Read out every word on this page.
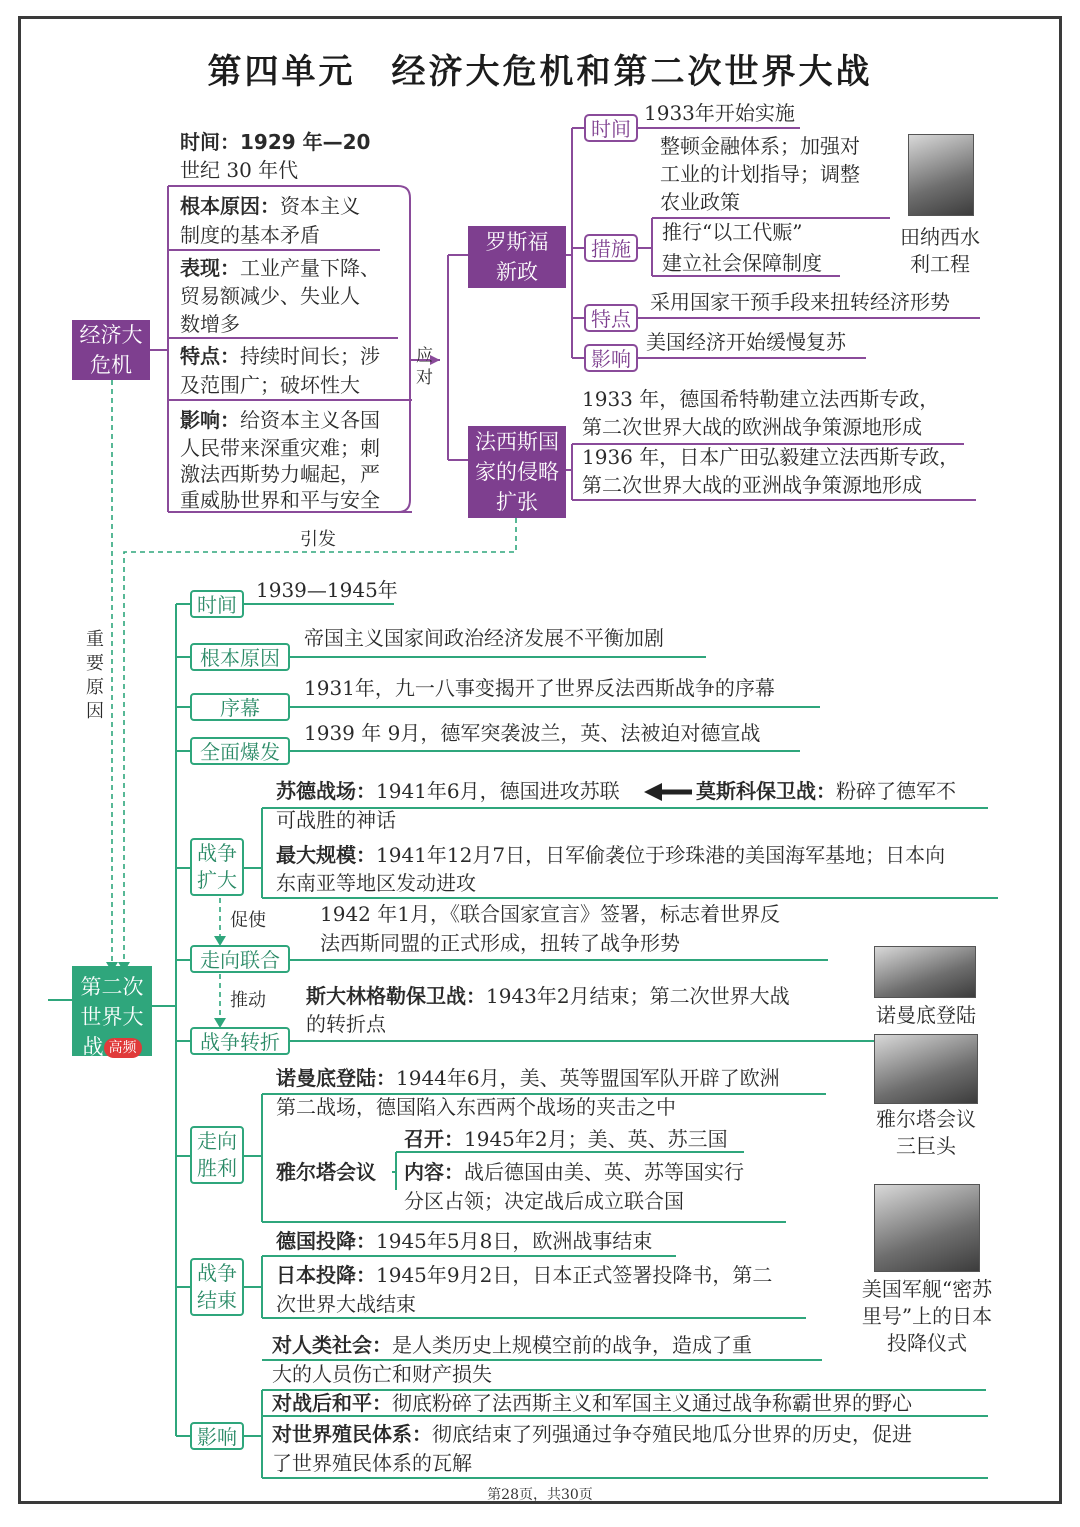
第四单元 经济大危机和第二次世界大战
经济大
危机
时间：1929 年—20
世纪 30 年代
根本原因：资本主义
制度的基本矛盾
表现：工业产量下降、
贸易额减少、失业人
数增多
特点：持续时间长；涉
及范围广；破坏性大
影响：给资本主义各国
人民带来深重灾难；刺
激法西斯势力崛起，严
重威胁世界和平与安全
应
对
罗斯福
新政
时间
1933年开始实施
措施
整顿金融体系；加强对
工业的计划指导；调整
农业政策
推行“以工代赈”
建立社会保障制度
特点
采用国家干预手段来扭转经济形势
影响
美国经济开始缓慢复苏
田纳西水
利工程
法西斯国
家的侵略
扩张
1933 年，德国希特勒建立法西斯专政，
第二次世界大战的欧洲战争策源地形成
1936 年，日本广田弘毅建立法西斯专政，
第二次世界大战的亚洲战争策源地形成
引发
重
要
原
因
第二次
世界大
战 高频
时间
1939—1945年
根本原因
帝国主义国家间政治经济发展不平衡加剧
序幕
1931年，九一八事变揭开了世界反法西斯战争的序幕
全面爆发
1939 年 9月，德军突袭波兰，英、法被迫对德宣战
战争
扩大
苏德战场：1941年6月，德国进攻苏联	莫斯科保卫战：粉碎了德军不
可战胜的神话
最大规模：1941年12月7日，日军偷袭位于珍珠港的美国海军基地；日本向
东南亚等地区发动进攻
促使
走向联合
1942 年1月，《联合国家宣言》签署，标志着世界反
法西斯同盟的正式形成，扭转了战争形势
推动
战争转折
斯大林格勒保卫战：1943年2月结束；第二次世界大战
的转折点
走向
胜利
诺曼底登陆：1944年6月，美、英等盟国军队开辟了欧洲
第二战场，德国陷入东西两个战场的夹击之中
雅尔塔会议
召开：1945年2月；美、英、苏三国
内容：战后德国由美、英、苏等国实行
分区占领；决定战后成立联合国
战争
结束
德国投降：1945年5月8日，欧洲战事结束
日本投降：1945年9月2日，日本正式签署投降书，第二
次世界大战结束
影响
对人类社会：是人类历史上规模空前的战争，造成了重
大的人员伤亡和财产损失
对战后和平：彻底粉碎了法西斯主义和军国主义通过战争称霸世界的野心
对世界殖民体系：彻底结束了列强通过争夺殖民地瓜分世界的历史，促进
了世界殖民体系的瓦解
诺曼底登陆
雅尔塔会议
三巨头
美国军舰“密苏
里号”上的日本
投降仪式
第28页，共30页
